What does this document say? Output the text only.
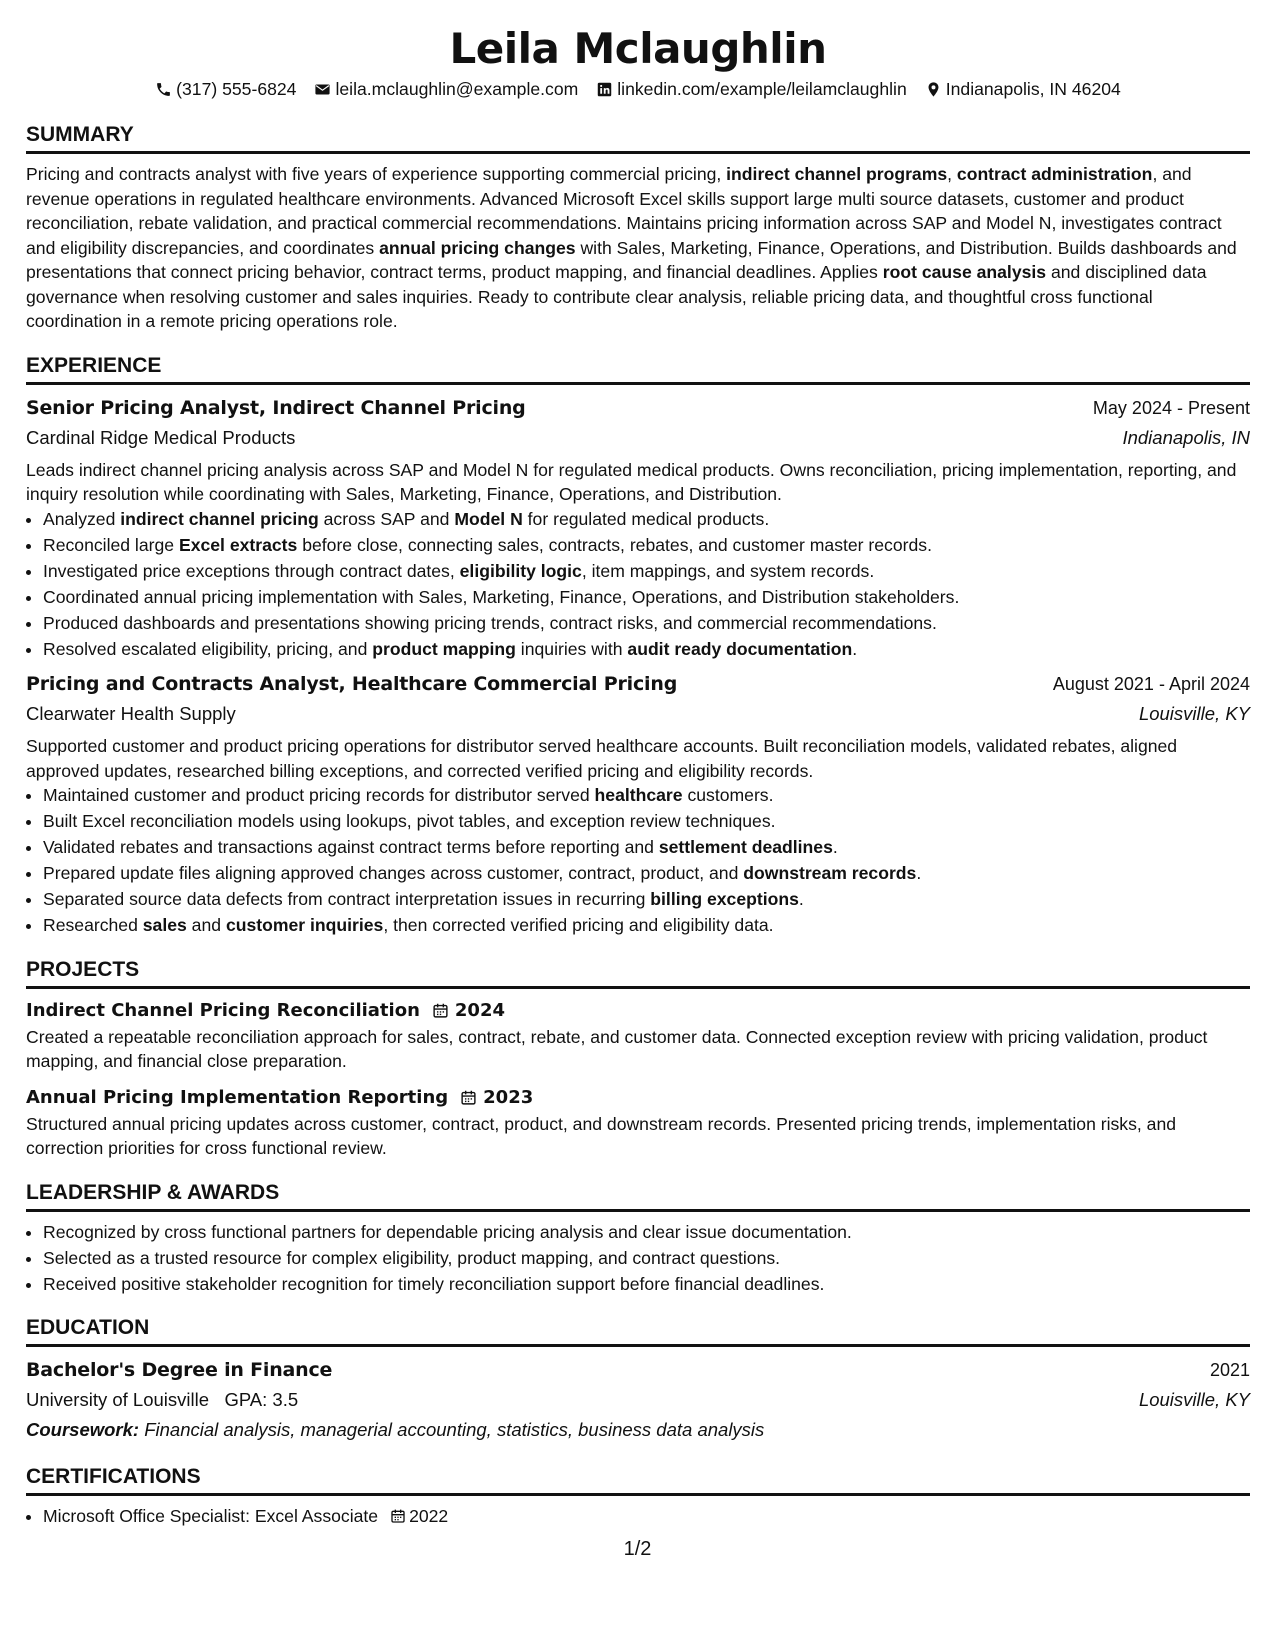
Leila Mclaughlin
(317) 555-6824 leila.mclaughlin@example.com linkedin.com/example/leilamclaughlin Indianapolis, IN 46204
SUMMARY

Pricing and contracts analyst with five years of experience supporting commercial pricing, indirect channel programs, contract administration, and revenue operations in regulated healthcare environments. Advanced Microsoft Excel skills support large multi source datasets, customer and product reconciliation, rebate validation, and practical commercial recommendations. Maintains pricing information across SAP and Model N, investigates contract and eligibility discrepancies, and coordinates annual pricing changes with Sales, Marketing, Finance, Operations, and Distribution. Builds dashboards and presentations that connect pricing behavior, contract terms, product mapping, and financial deadlines. Applies root cause analysis and disciplined data governance when resolving customer and sales inquiries. Ready to contribute clear analysis, reliable pricing data, and thoughtful cross functional coordination in a remote pricing operations role.

EXPERIENCE
Senior Pricing Analyst, Indirect Channel Pricing	May 2024 - Present
Cardinal Ridge Medical Products	Indianapolis, IN

Leads indirect channel pricing analysis across SAP and Model N for regulated medical products. Owns reconciliation, pricing implementation, reporting, and inquiry resolution while coordinating with Sales, Marketing, Finance, Operations, and Distribution.

• Analyzed indirect channel pricing across SAP and Model N for regulated medical products.
• Reconciled large Excel extracts before close, connecting sales, contracts, rebates, and customer master records.
• Investigated price exceptions through contract dates, eligibility logic, item mappings, and system records.
• Coordinated annual pricing implementation with Sales, Marketing, Finance, Operations, and Distribution stakeholders.
• Produced dashboards and presentations showing pricing trends, contract risks, and commercial recommendations.
• Resolved escalated eligibility, pricing, and product mapping inquiries with audit ready documentation.
Pricing and Contracts Analyst, Healthcare Commercial Pricing	August 2021 - April 2024
Clearwater Health Supply	Louisville, KY

Supported customer and product pricing operations for distributor served healthcare accounts. Built reconciliation models, validated rebates, aligned approved updates, researched billing exceptions, and corrected verified pricing and eligibility records.

• Maintained customer and product pricing records for distributor served healthcare customers.
• Built Excel reconciliation models using lookups, pivot tables, and exception review techniques.
• Validated rebates and transactions against contract terms before reporting and settlement deadlines.
• Prepared update files aligning approved changes across customer, contract, product, and downstream records.
• Separated source data defects from contract interpretation issues in recurring billing exceptions.
• Researched sales and customer inquiries, then corrected verified pricing and eligibility data.
PROJECTS
Indirect Channel Pricing Reconciliation 2024

Created a repeatable reconciliation approach for sales, contract, rebate, and customer data. Connected exception review with pricing validation, product mapping, and financial close preparation.

Annual Pricing Implementation Reporting 2023

Structured annual pricing updates across customer, contract, product, and downstream records. Presented pricing trends, implementation risks, and correction priorities for cross functional review.

LEADERSHIP & AWARDS
• Recognized by cross functional partners for dependable pricing analysis and clear issue documentation.
• Selected as a trusted resource for complex eligibility, product mapping, and contract questions.
• Received positive stakeholder recognition for timely reconciliation support before financial deadlines.
EDUCATION
Bachelor's Degree in Finance	2021
University of Louisville GPA: 3.5	Louisville, KY
Coursework: Financial analysis, managerial accounting, statistics, business data analysis
CERTIFICATIONS
• Microsoft Office Specialist: Excel Associate 2022
1/2
